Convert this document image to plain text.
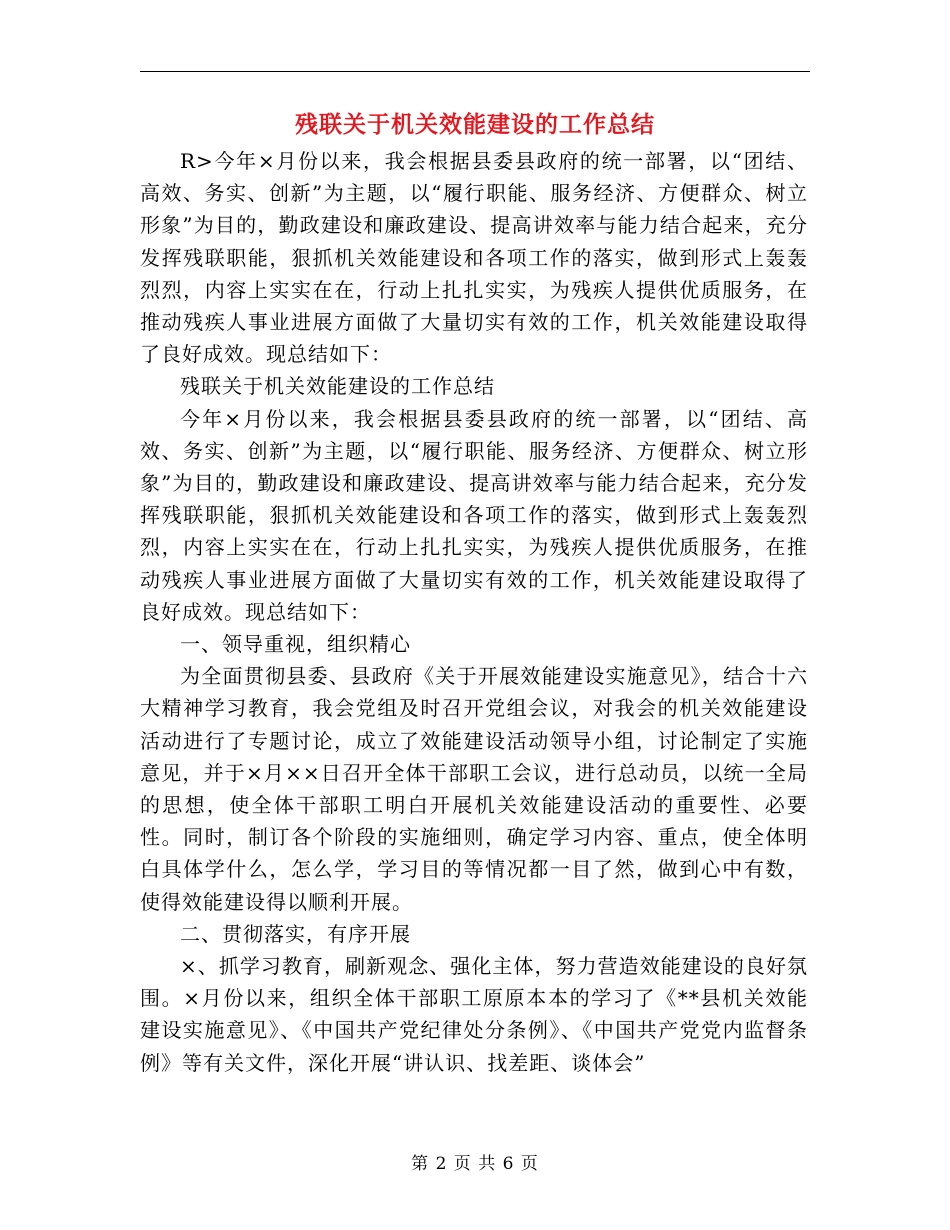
残联关于机关效能建设的工作总结

R>今年×月份以来，我会根据县委县政府的统一部署，以“团结、高效、务实、创新”为主题，以“履行职能、服务经济、方便群众、树立形象”为目的，勤政建设和廉政建设、提高讲效率与能力结合起来，充分发挥残联职能，狠抓机关效能建设和各项工作的落实，做到形式上轰轰烈烈，内容上实实在在，行动上扎扎实实，为残疾人提供优质服务，在推动残疾人事业进展方面做了大量切实有效的工作，机关效能建设取得了良好成效。现总结如下：

残联关于机关效能建设的工作总结

今年×月份以来，我会根据县委县政府的统一部署，以“团结、高效、务实、创新”为主题，以“履行职能、服务经济、方便群众、树立形象”为目的，勤政建设和廉政建设、提高讲效率与能力结合起来，充分发挥残联职能，狠抓机关效能建设和各项工作的落实，做到形式上轰轰烈烈，内容上实实在在，行动上扎扎实实，为残疾人提供优质服务，在推动残疾人事业进展方面做了大量切实有效的工作，机关效能建设取得了良好成效。现总结如下：

一、领导重视，组织精心

为全面贯彻县委、县政府《关于开展效能建设实施意见》，结合十六大精神学习教育，我会党组及时召开党组会议，对我会的机关效能建设活动进行了专题讨论，成立了效能建设活动领导小组，讨论制定了实施意见，并于×月××日召开全体干部职工会议，进行总动员，以统一全局的思想，使全体干部职工明白开展机关效能建设活动的重要性、必要性。同时，制订各个阶段的实施细则，确定学习内容、重点，使全体明白具体学什么，怎么学，学习目的等情况都一目了然，做到心中有数，使得效能建设得以顺利开展。

二、贯彻落实，有序开展

×、抓学习教育，刷新观念、强化主体，努力营造效能建设的良好氛围。×月份以来，组织全体干部职工原原本本的学习了《**县机关效能建设实施意见》、《中国共产党纪律处分条例》、《中国共产党党内监督条例》等有关文件，深化开展“讲认识、找差距、谈体会”

第 2 页 共 6 页
